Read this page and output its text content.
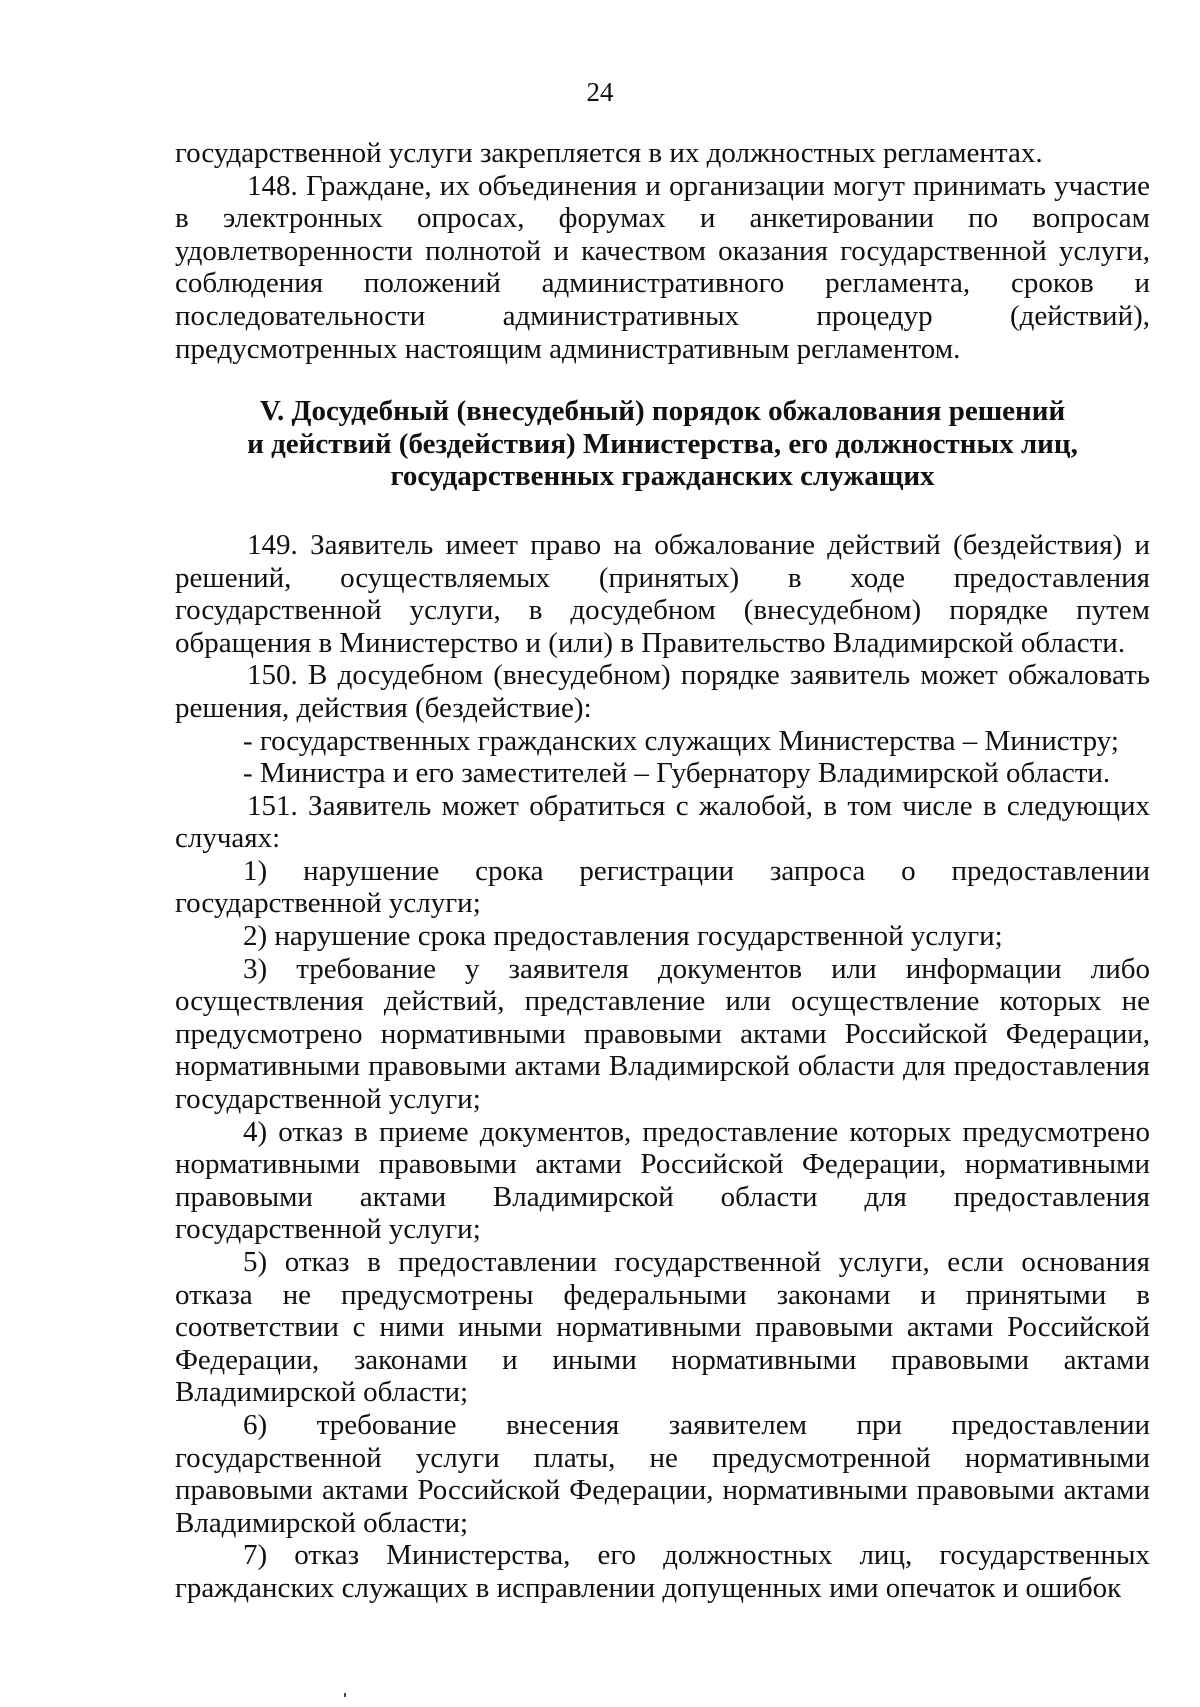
24

государственной услуги закрепляется в их должностных регламентах.

148. Граждане, их объединения и организации могут принимать участие в электронных опросах, форумах и анкетировании по вопросам удовлетворенности полнотой и качеством оказания государственной услуги, соблюдения положений административного регламента, сроков и последовательности административных процедур (действий), предусмотренных настоящим административным регламентом.

V. Досудебный (внесудебный) порядок обжалования решений
и действий (бездействия) Министерства, его должностных лиц,
государственных гражданских служащих

149. Заявитель имеет право на обжалование действий (бездействия) и решений, осуществляемых (принятых) в ходе предоставления государственной услуги, в досудебном (внесудебном) порядке путем обращения в Министерство и (или) в Правительство Владимирской области.

150. В досудебном (внесудебном) порядке заявитель может обжаловать решения, действия (бездействие):

- государственных гражданских служащих Министерства – Министру;

- Министра и его заместителей – Губернатору Владимирской области.

151. Заявитель может обратиться с жалобой, в том числе в следующих случаях:

1) нарушение срока регистрации запроса о предоставлении государственной услуги;

2) нарушение срока предоставления государственной услуги;

3) требование у заявителя документов или информации либо осуществления действий, представление или осуществление которых не предусмотрено нормативными правовыми актами Российской Федерации, нормативными правовыми актами Владимирской области для предоставления государственной услуги;

4) отказ в приеме документов, предоставление которых предусмотрено нормативными правовыми актами Российской Федерации, нормативными правовыми актами Владимирской области для предоставления государственной услуги;

5) отказ в предоставлении государственной услуги, если основания отказа не предусмотрены федеральными законами и принятыми в соответствии с ними иными нормативными правовыми актами Российской Федерации, законами и иными нормативными правовыми актами Владимирской области;

6) требование внесения заявителем при предоставлении государственной услуги платы, не предусмотренной нормативными правовыми актами Российской Федерации, нормативными правовыми актами Владимирской области;

7) отказ Министерства, его должностных лиц, государственных гражданских служащих в исправлении допущенных ими опечаток и ошибок
